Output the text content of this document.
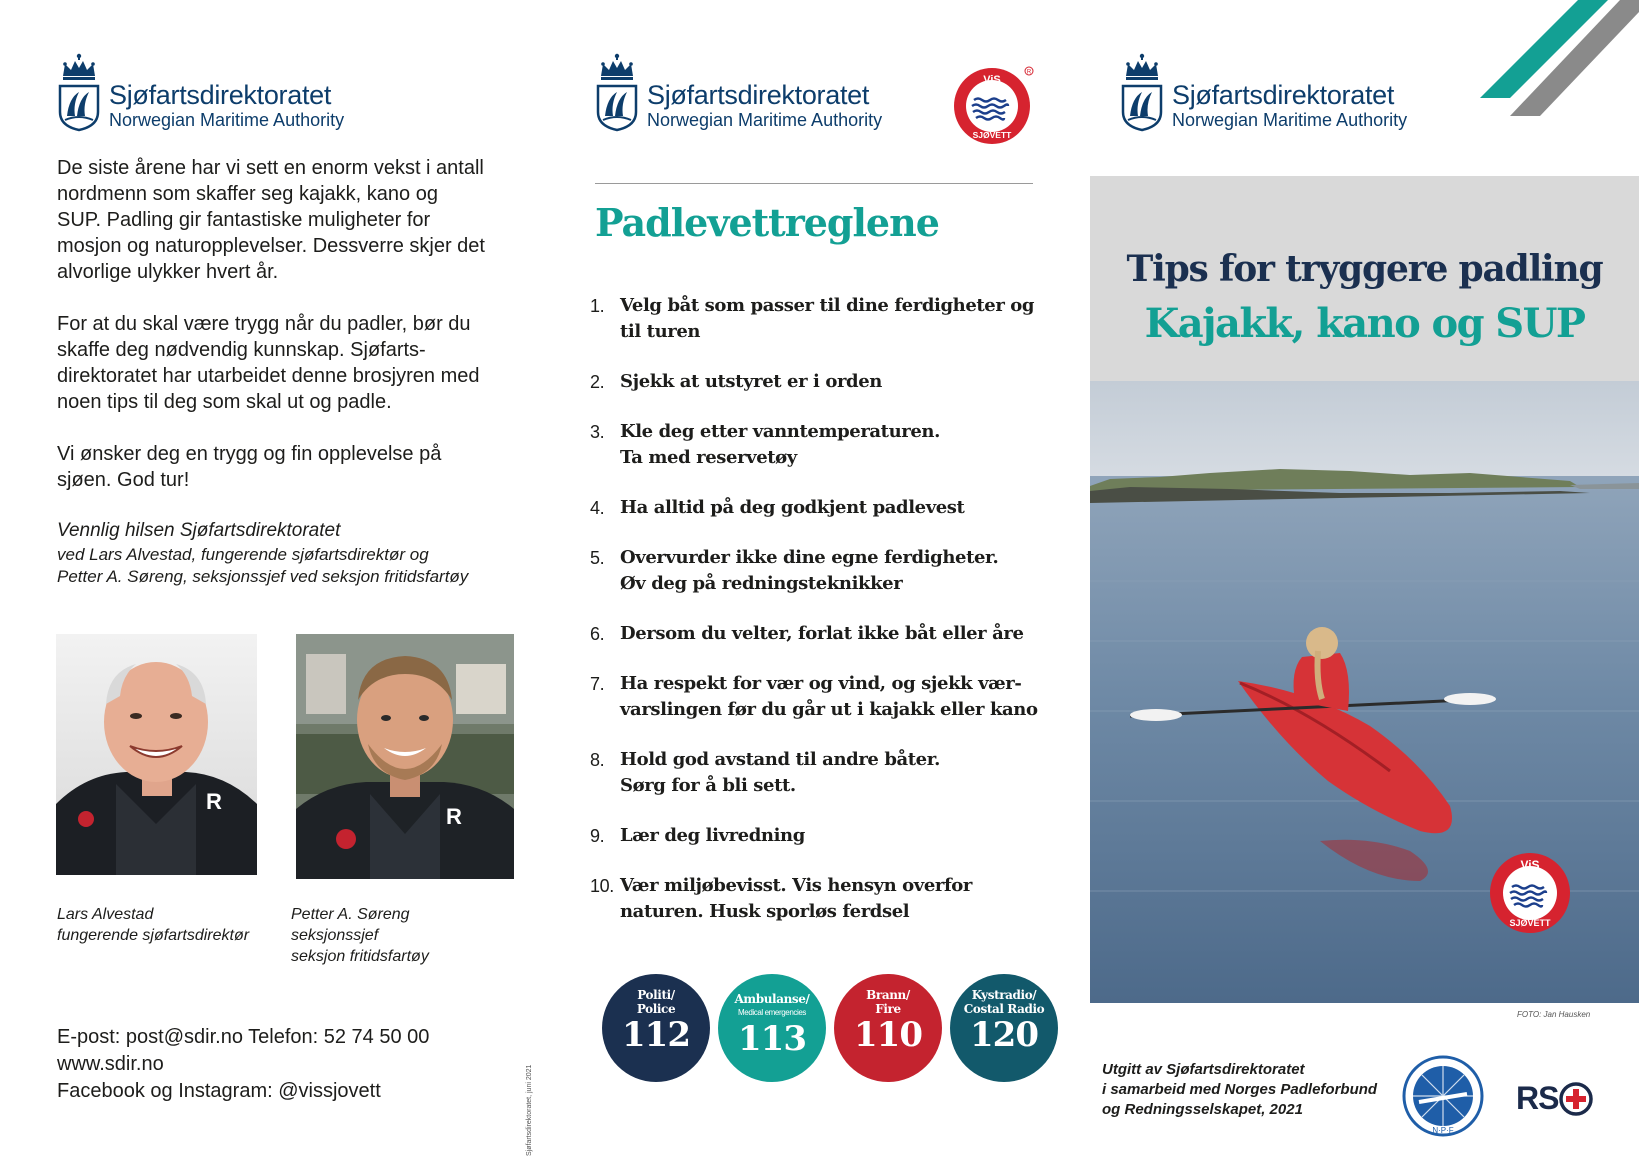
Sjøfartsdirektoratet
Norwegian Maritime Authority

De siste årene har vi sett en enorm vekst i antall nordmenn som skaffer seg kajakk, kano og SUP. Padling gir fantastiske muligheter for mosjon og naturopplevelser. Dessverre skjer det alvorlige ulykker hvert år.

For at du skal være trygg når du padler, bør du skaffe deg nødvendig kunnskap. Sjøfarts-direktoratet har utarbeidet denne brosjyren med noen tips til deg som skal ut og padle.

Vi ønsker deg en trygg og fin opplevelse på sjøen. God tur!

Vennlig hilsen Sjøfartsdirektoratet
ved Lars Alvestad, fungerende sjøfartsdirektør og
Petter A. Søreng, seksjonssjef ved seksjon fritidsfartøy
R
R
Lars Alvestad
fungerende sjøfartsdirektør
Petter A. Søreng
seksjonssjef
seksjon fritidsfartøy
E-post: post@sdir.no Telefon: 52 74 50 00
www.sdir.no
Facebook og Instagram: @vissjovett	Sjøfartsdirektoratet, juni 2021
Sjøfartsdirektoratet
Norwegian Maritime Authority
ViS
SJØVETT
R
Padlevettreglene
1. Velg båt som passer til dine ferdigheter og
til turen
2. Sjekk at utstyret er i orden
3. Kle deg etter vanntemperaturen.
Ta med reservetøy
4. Ha alltid på deg godkjent padlevest
5. Overvurder ikke dine egne ferdigheter.
Øv deg på redningsteknikker
6. Dersom du velter, forlat ikke båt eller åre
7. Ha respekt for vær og vind, og sjekk vær-
varslingen før du går ut i kajakk eller kano
8. Hold god avstand til andre båter.
Sørg for å bli sett.
9. Lær deg livredning
10. Vær miljøbevisst. Vis hensyn overfor
naturen. Husk sporløs ferdsel
Politi/
Police
112
Ambulanse/
Medical emergencies
113
Brann/
Fire
110
Kystradio/
Costal Radio
120
Sjøfartsdirektoratet
Norwegian Maritime Authority
Tips for tryggere padling
Kajakk, kano og SUP
ViS
SJØVETT
FOTO: Jan Hausken
Utgitt av Sjøfartsdirektoratet
i samarbeid med Norges Padleforbund
og Redningsselskapet, 2021
N·P·F
RS
